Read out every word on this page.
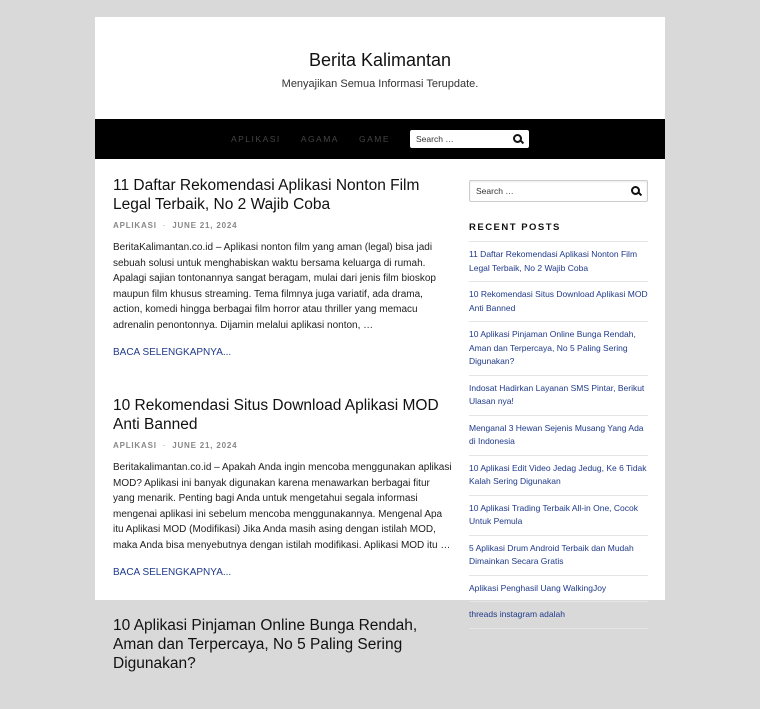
Berita Kalimantan
Menyajikan Semua Informasi Terupdate.
APLIKASI AGAMA GAME
Search …
11 Daftar Rekomendasi Aplikasi Nonton Film Legal Terbaik, No 2 Wajib Coba
APLIKASI · JUNE 21, 2024
BeritaKalimantan.co.id – Aplikasi nonton film yang aman (legal) bisa jadi sebuah solusi untuk menghabiskan waktu bersama keluarga di rumah. Apalagi sajian tontonannya sangat beragam, mulai dari jenis film bioskop maupun film khusus streaming. Tema filmnya juga variatif, ada drama, action, komedi hingga berbagai film horror atau thriller yang memacu adrenalin penontonnya. Dijamin melalui aplikasi nonton, …
BACA SELENGKAPNYA...
10 Rekomendasi Situs Download Aplikasi MOD Anti Banned
APLIKASI · JUNE 21, 2024
Beritakalimantan.co.id – Apakah Anda ingin mencoba menggunakan aplikasi MOD? Aplikasi ini banyak digunakan karena menawarkan berbagai fitur yang menarik. Penting bagi Anda untuk mengetahui segala informasi mengenai aplikasi ini sebelum mencoba menggunakannya. Mengenal Apa itu Aplikasi MOD (Modifikasi) Jika Anda masih asing dengan istilah MOD, maka Anda bisa menyebutnya dengan istilah modifikasi. Aplikasi MOD itu …
BACA SELENGKAPNYA...
10 Aplikasi Pinjaman Online Bunga Rendah, Aman dan Terpercaya, No 5 Paling Sering Digunakan?
Search …
RECENT POSTS
11 Daftar Rekomendasi Aplikasi Nonton Film Legal Terbaik, No 2 Wajib Coba
10 Rekomendasi Situs Download Aplikasi MOD Anti Banned
10 Aplikasi Pinjaman Online Bunga Rendah, Aman dan Terpercaya, No 5 Paling Sering Digunakan?
Indosat Hadirkan Layanan SMS Pintar, Berikut Ulasan nya!
Menganal 3 Hewan Sejenis Musang Yang Ada di Indonesia
10 Aplikasi Edit Video Jedag Jedug, Ke 6 Tidak Kalah Sering Digunakan
10 Aplikasi Trading Terbaik All-in One, Cocok Untuk Pemula
5 Aplikasi Drum Android Terbaik dan Mudah Dimainkan Secara Gratis
Aplikasi Penghasil Uang WalkingJoy
threads instagram adalah
